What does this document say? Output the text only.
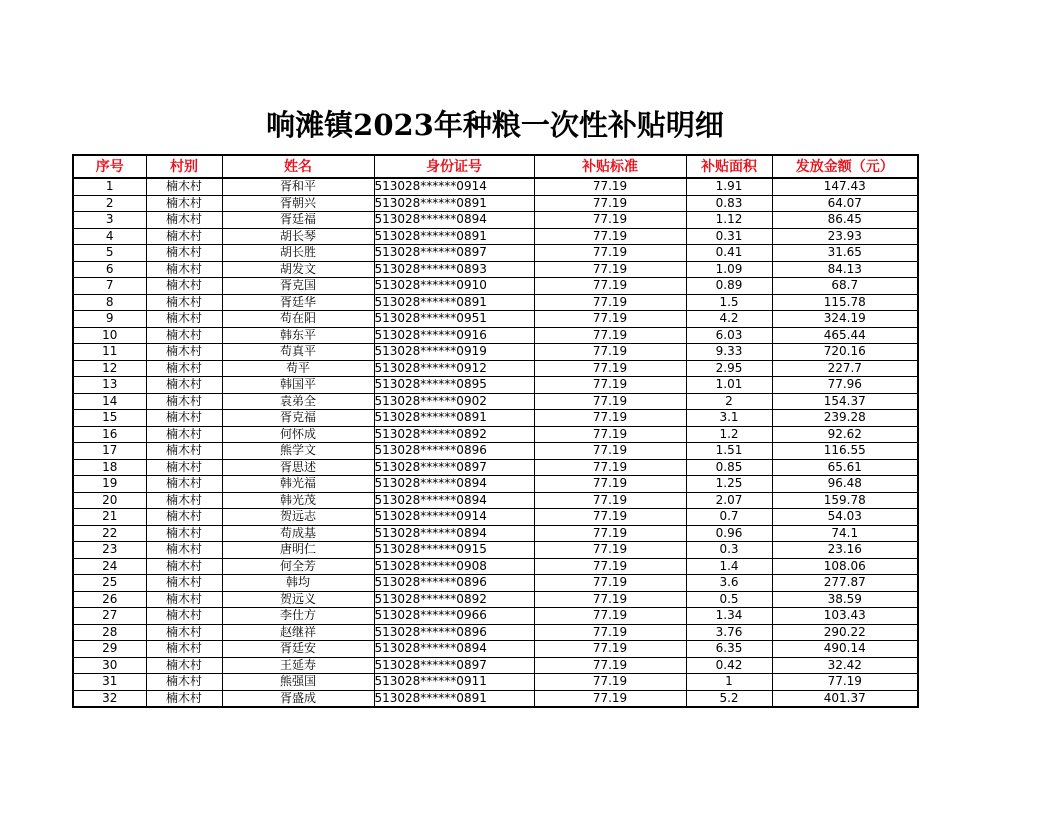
响滩镇2023年种粮一次性补贴明细
序号	村别	姓名	身份证号	补贴标准	补贴面积	发放金额（元）
1	楠木村	胥和平	513028******0914	77.19	1.91	147.43
2	楠木村	胥朝兴	513028******0891	77.19	0.83	64.07
3	楠木村	胥廷福	513028******0894	77.19	1.12	86.45
4	楠木村	胡长琴	513028******0891	77.19	0.31	23.93
5	楠木村	胡长胜	513028******0897	77.19	0.41	31.65
6	楠木村	胡发文	513028******0893	77.19	1.09	84.13
7	楠木村	胥克国	513028******0910	77.19	0.89	68.7
8	楠木村	胥廷华	513028******0891	77.19	1.5	115.78
9	楠木村	苟在阳	513028******0951	77.19	4.2	324.19
10	楠木村	韩东平	513028******0916	77.19	6.03	465.44
11	楠木村	苟真平	513028******0919	77.19	9.33	720.16
12	楠木村	苟平	513028******0912	77.19	2.95	227.7
13	楠木村	韩国平	513028******0895	77.19	1.01	77.96
14	楠木村	袁弟全	513028******0902	77.19	2	154.37
15	楠木村	胥克福	513028******0891	77.19	3.1	239.28
16	楠木村	何怀成	513028******0892	77.19	1.2	92.62
17	楠木村	熊学文	513028******0896	77.19	1.51	116.55
18	楠木村	胥思述	513028******0897	77.19	0.85	65.61
19	楠木村	韩光福	513028******0894	77.19	1.25	96.48
20	楠木村	韩光茂	513028******0894	77.19	2.07	159.78
21	楠木村	贺远志	513028******0914	77.19	0.7	54.03
22	楠木村	苟成基	513028******0894	77.19	0.96	74.1
23	楠木村	唐明仁	513028******0915	77.19	0.3	23.16
24	楠木村	何全芳	513028******0908	77.19	1.4	108.06
25	楠木村	韩均	513028******0896	77.19	3.6	277.87
26	楠木村	贺远义	513028******0892	77.19	0.5	38.59
27	楠木村	李仕方	513028******0966	77.19	1.34	103.43
28	楠木村	赵继祥	513028******0896	77.19	3.76	290.22
29	楠木村	胥廷安	513028******0894	77.19	6.35	490.14
30	楠木村	王延寿	513028******0897	77.19	0.42	32.42
31	楠木村	熊强国	513028******0911	77.19	1	77.19
32	楠木村	胥盛成	513028******0891	77.19	5.2	401.37
